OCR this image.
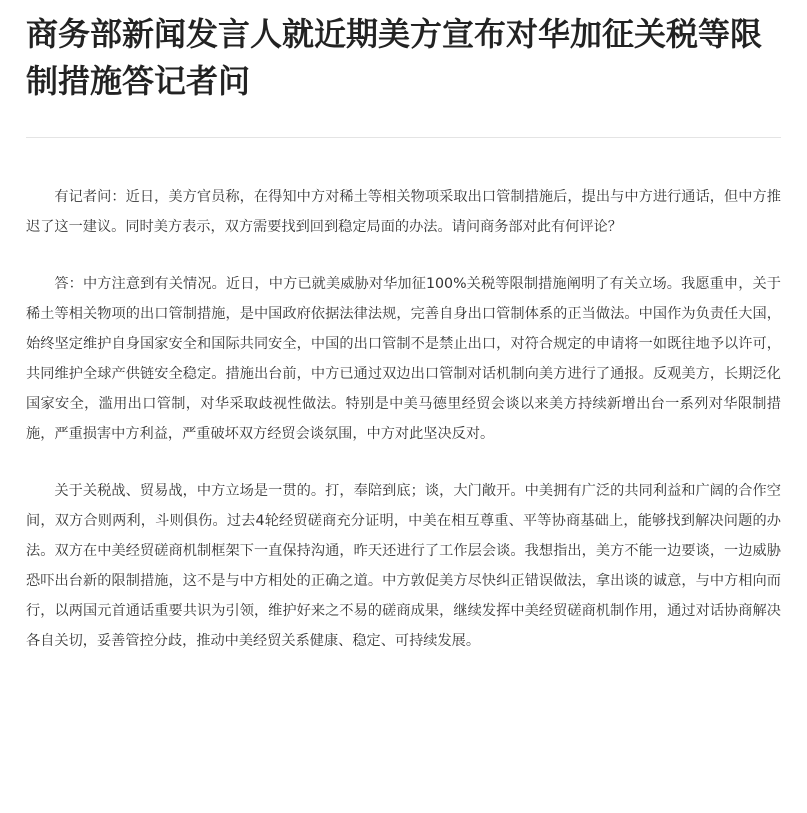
商务部新闻发言人就近期美方宣布对华加征关税等限制措施答记者问

有记者问：近日，美方官员称，在得知中方对稀土等相关物项采取出口管制措施后，提出与中方进行通话，但中方推迟了这一建议。同时美方表示，双方需要找到回到稳定局面的办法。请问商务部对此有何评论？

答：中方注意到有关情况。近日，中方已就美威胁对华加征100%关税等限制措施阐明了有关立场。我愿重申，关于稀土等相关物项的出口管制措施，是中国政府依据法律法规，完善自身出口管制体系的正当做法。中国作为负责任大国，始终坚定维护自身国家安全和国际共同安全，中国的出口管制不是禁止出口，对符合规定的申请将一如既往地予以许可，共同维护全球产供链安全稳定。措施出台前，中方已通过双边出口管制对话机制向美方进行了通报。反观美方，长期泛化国家安全，滥用出口管制，对华采取歧视性做法。特别是中美马德里经贸会谈以来美方持续新增出台一系列对华限制措施，严重损害中方利益，严重破坏双方经贸会谈氛围，中方对此坚决反对。

关于关税战、贸易战，中方立场是一贯的。打，奉陪到底；谈，大门敞开。中美拥有广泛的共同利益和广阔的合作空间，双方合则两利，斗则俱伤。过去4轮经贸磋商充分证明，中美在相互尊重、平等协商基础上，能够找到解决问题的办法。双方在中美经贸磋商机制框架下一直保持沟通，昨天还进行了工作层会谈。我想指出，美方不能一边要谈，一边威胁恐吓出台新的限制措施，这不是与中方相处的正确之道。中方敦促美方尽快纠正错误做法，拿出谈的诚意，与中方相向而行，以两国元首通话重要共识为引领，维护好来之不易的磋商成果，继续发挥中美经贸磋商机制作用，通过对话协商解决各自关切，妥善管控分歧，推动中美经贸关系健康、稳定、可持续发展。
